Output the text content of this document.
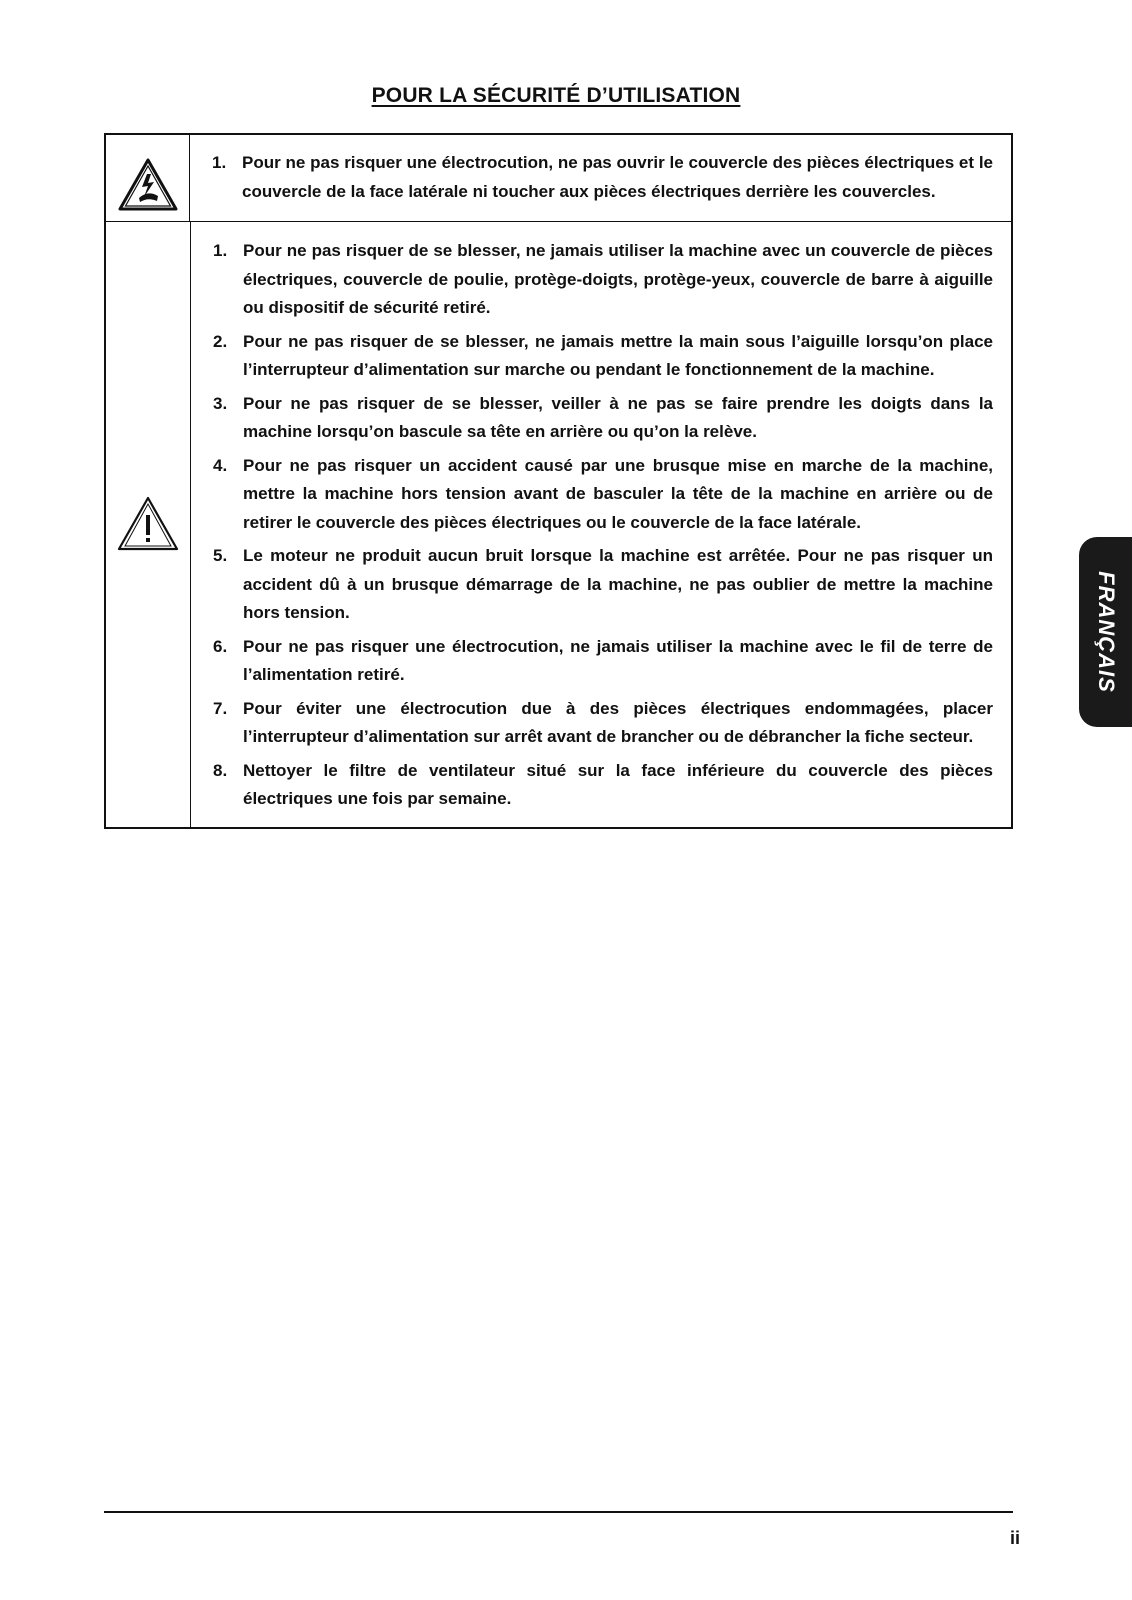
POUR LA SÉCURITÉ D’UTILISATION
1. Pour ne pas risquer une électrocution, ne pas ouvrir le couvercle des pièces électriques et le couvercle de la face latérale ni toucher aux pièces électriques derrière les couvercles.
1. Pour ne pas risquer de se blesser, ne jamais utiliser la machine avec un couvercle de pièces électriques, couvercle de poulie, protège-doigts, protège-yeux, couvercle de barre à aiguille ou dispositif de sécurité retiré.
2. Pour ne pas risquer de se blesser, ne jamais mettre la main sous l’aiguille lorsqu’on place l’interrupteur d’alimentation sur marche ou pendant le fonctionnement de la machine.
3. Pour ne pas risquer de se blesser, veiller à ne pas se faire prendre les doigts dans la machine lorsqu’on bascule sa tête en arrière ou qu’on la relève.
4. Pour ne pas risquer un accident causé par une brusque mise en marche de la machine, mettre la machine hors tension avant de basculer la tête de la machine en arrière ou de retirer le couvercle des pièces électriques ou le couvercle de la face latérale.
5. Le moteur ne produit aucun bruit lorsque la machine est arrêtée. Pour ne pas risquer un accident dû à un brusque démarrage de la machine, ne pas oublier de mettre la machine hors tension.
6. Pour ne pas risquer une électrocution, ne jamais utiliser la machine avec le fil de terre de l’alimentation retiré.
7. Pour éviter une électrocution due à des pièces électriques endommagées, placer l’interrupteur d’alimentation sur arrêt avant de brancher ou de débrancher la fiche secteur.
8. Nettoyer le filtre de ventilateur situé sur la face inférieure du couvercle des pièces électriques une fois par semaine.
FRANÇAIS
ii
